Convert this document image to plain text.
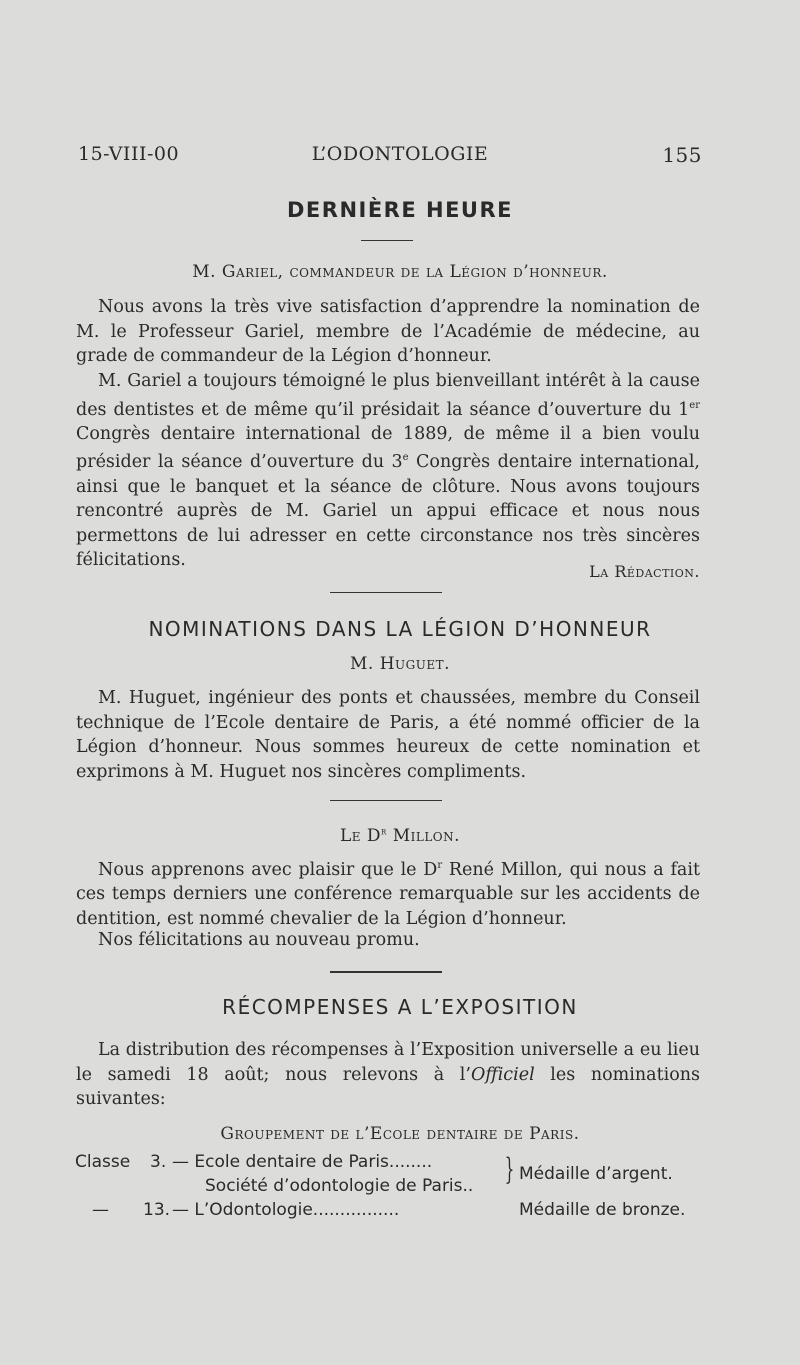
15-VIII-00	L’ODONTOLOGIE	155
DERNIÈRE HEURE
M. Gariel, commandeur de la Légion d’honneur.
Nous avons la très vive satisfaction d’apprendre la nomination de M. le Professeur Gariel, membre de l’Académie de médecine, au grade de commandeur de la Légion d’honneur.
M. Gariel a toujours témoigné le plus bienveillant intérêt à la cause des dentistes et de même qu’il présidait la séance d’ouverture du 1er Congrès dentaire international de 1889, de même il a bien voulu présider la séance d’ouverture du 3e Congrès dentaire international, ainsi que le banquet et la séance de clôture. Nous avons toujours rencontré auprès de M. Gariel un appui efficace et nous nous permettons de lui adresser en cette circonstance nos très sincères félicitations.
La Rédaction.
NOMINATIONS DANS LA LÉGION D’HONNEUR
M. Huguet.
M. Huguet, ingénieur des ponts et chaussées, membre du Conseil technique de l’Ecole dentaire de Paris, a été nommé officier de la Légion d’honneur. Nous sommes heureux de cette nomination et exprimons à M. Huguet nos sincères compliments.
Le $D^r$ Millon.
Nous apprenons avec plaisir que le $D^r$ René Millon, qui nous a fait ces temps derniers une conférence remarquable sur les accidents de dentition, est nommé chevalier de la Légion d’honneur.
Nos félicitations au nouveau promu.
RÉCOMPENSES A L’EXPOSITION
La distribution des récompenses à l’Exposition universelle a eu lieu le samedi 18 août; nous relevons à l’Officiel les nominations suivantes:
Groupement de l’Ecole dentaire de Paris.
Classe 3. — Ecole dentaire de Paris........
Société d’odontologie de Paris.. } Médaille d’argent.
— 13. — L’Odontologie................	Médaille de bronze.
